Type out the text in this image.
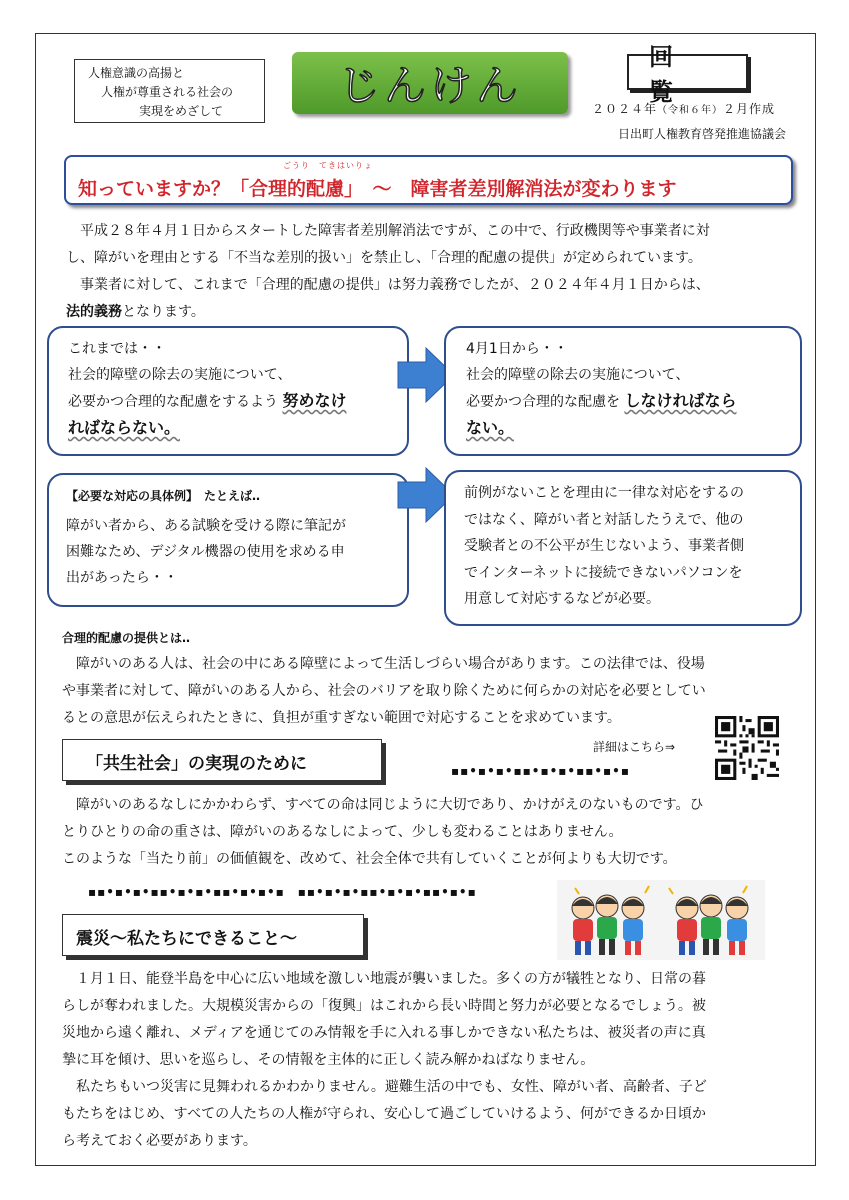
人権意識の高揚と
人権が尊重される社会の
実現をめざして
じんけん
回覧
２０２４年（令和６年）２月作成
日出町人権教育啓発推進協議会
ごうり　てきはいりょ
知っていますか？「合理的配慮」　～　障害者差別解消法が変わります
　平成２８年４月１日からスタートした障害者差別解消法ですが、この中で、行政機関等や事業者に対
し、障がいを理由とする「不当な差別的扱い」を禁止し、「合理的配慮の提供」が定められています。
　事業者に対して、これまで「合理的配慮の提供」は努力義務でしたが、２０２４年４月１日からは、
法的義務となります。
これまでは・・
社会的障壁の除去の実施について、
必要かつ合理的な配慮をするよう 努めなけ
ればならない。
4月1日から・・
社会的障壁の除去の実施について、
必要かつ合理的な配慮を しなければなら
ない。
【必要な対応の具体例】　たとえば‥
障がい者から、ある試験を受ける際に筆記が
困難なため、デジタル機器の使用を求める申
出があったら・・
前例がないことを理由に一律な対応をするの
ではなく、障がい者と対話したうえで、他の
受験者との不公平が生じないよう、事業者側
でインターネットに接続できないパソコンを
用意して対応するなどが必要。
合理的配慮の提供とは‥
　障がいのある人は、社会の中にある障壁によって生活しづらい場合があります。この法律では、役場
や事業者に対して、障がいのある人から、社会のバリアを取り除くために何らかの対応を必要としてい
るとの意思が伝えられたときに、負担が重すぎない範囲で対応することを求めています。
詳細はこちら⇒
「共生社会」の実現のために	▪▪•▪•▪•▪▪•▪•▪•▪▪•▪•▪
　障がいのあるなしにかかわらず、すべての命は同じように大切であり、かけがえのないものです。ひ
とりひとりの命の重さは、障がいのあるなしによって、少しも変わることはありません。
このような「当たり前」の価値観を、改めて、社会全体で共有していくことが何よりも大切です。
▪▪•▪•▪•▪▪•▪•▪•▪▪•▪•▪•▪　▪▪•▪•▪•▪▪•▪•▪•▪▪•▪•▪
震災～私たちにできること～
　１月１日、能登半島を中心に広い地域を激しい地震が襲いました。多くの方が犠牲となり、日常の暮
らしが奪われました。大規模災害からの「復興」はこれから長い時間と努力が必要となるでしょう。被
災地から遠く離れ、メディアを通じてのみ情報を手に入れる事しかできない私たちは、被災者の声に真
摯に耳を傾け、思いを巡らし、その情報を主体的に正しく読み解かねばなりません。
　私たちもいつ災害に見舞われるかわかりません。避難生活の中でも、女性、障がい者、高齢者、子ど
もたちをはじめ、すべての人たちの人権が守られ、安心して過ごしていけるよう、何ができるか日頃か
ら考えておく必要があります。
